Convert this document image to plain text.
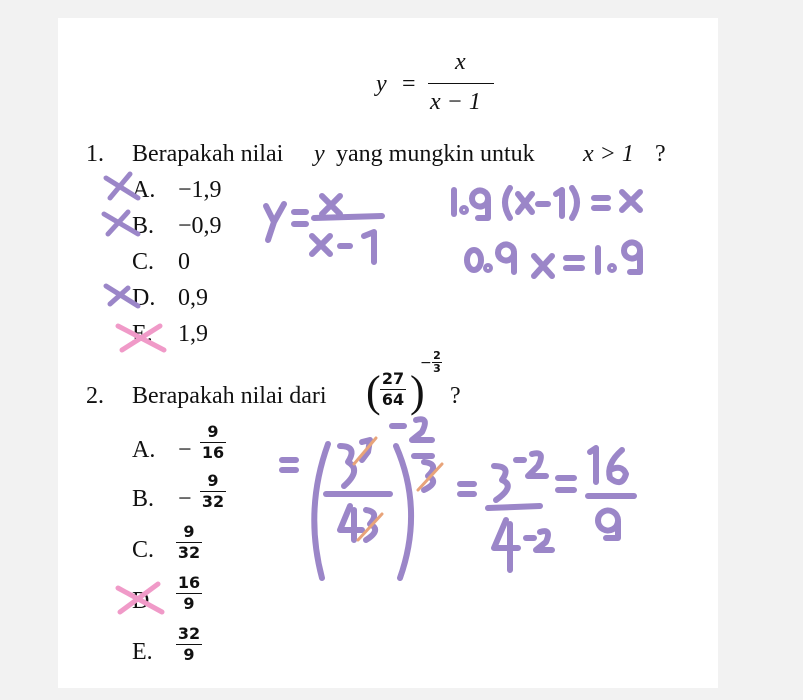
y =
x
x − 1
1. Berapakah nilai y yang mungkin untuk x > 1 ?
A. −1,9
B. −0,9
C. 0
D. 0,9
E. 1,9
2. Berapakah nilai dari ( 27
64 )
− 2
3
?
A. −
9
16
B. −
9
32
C.
9
32
D.
16
9
E.
32
9
